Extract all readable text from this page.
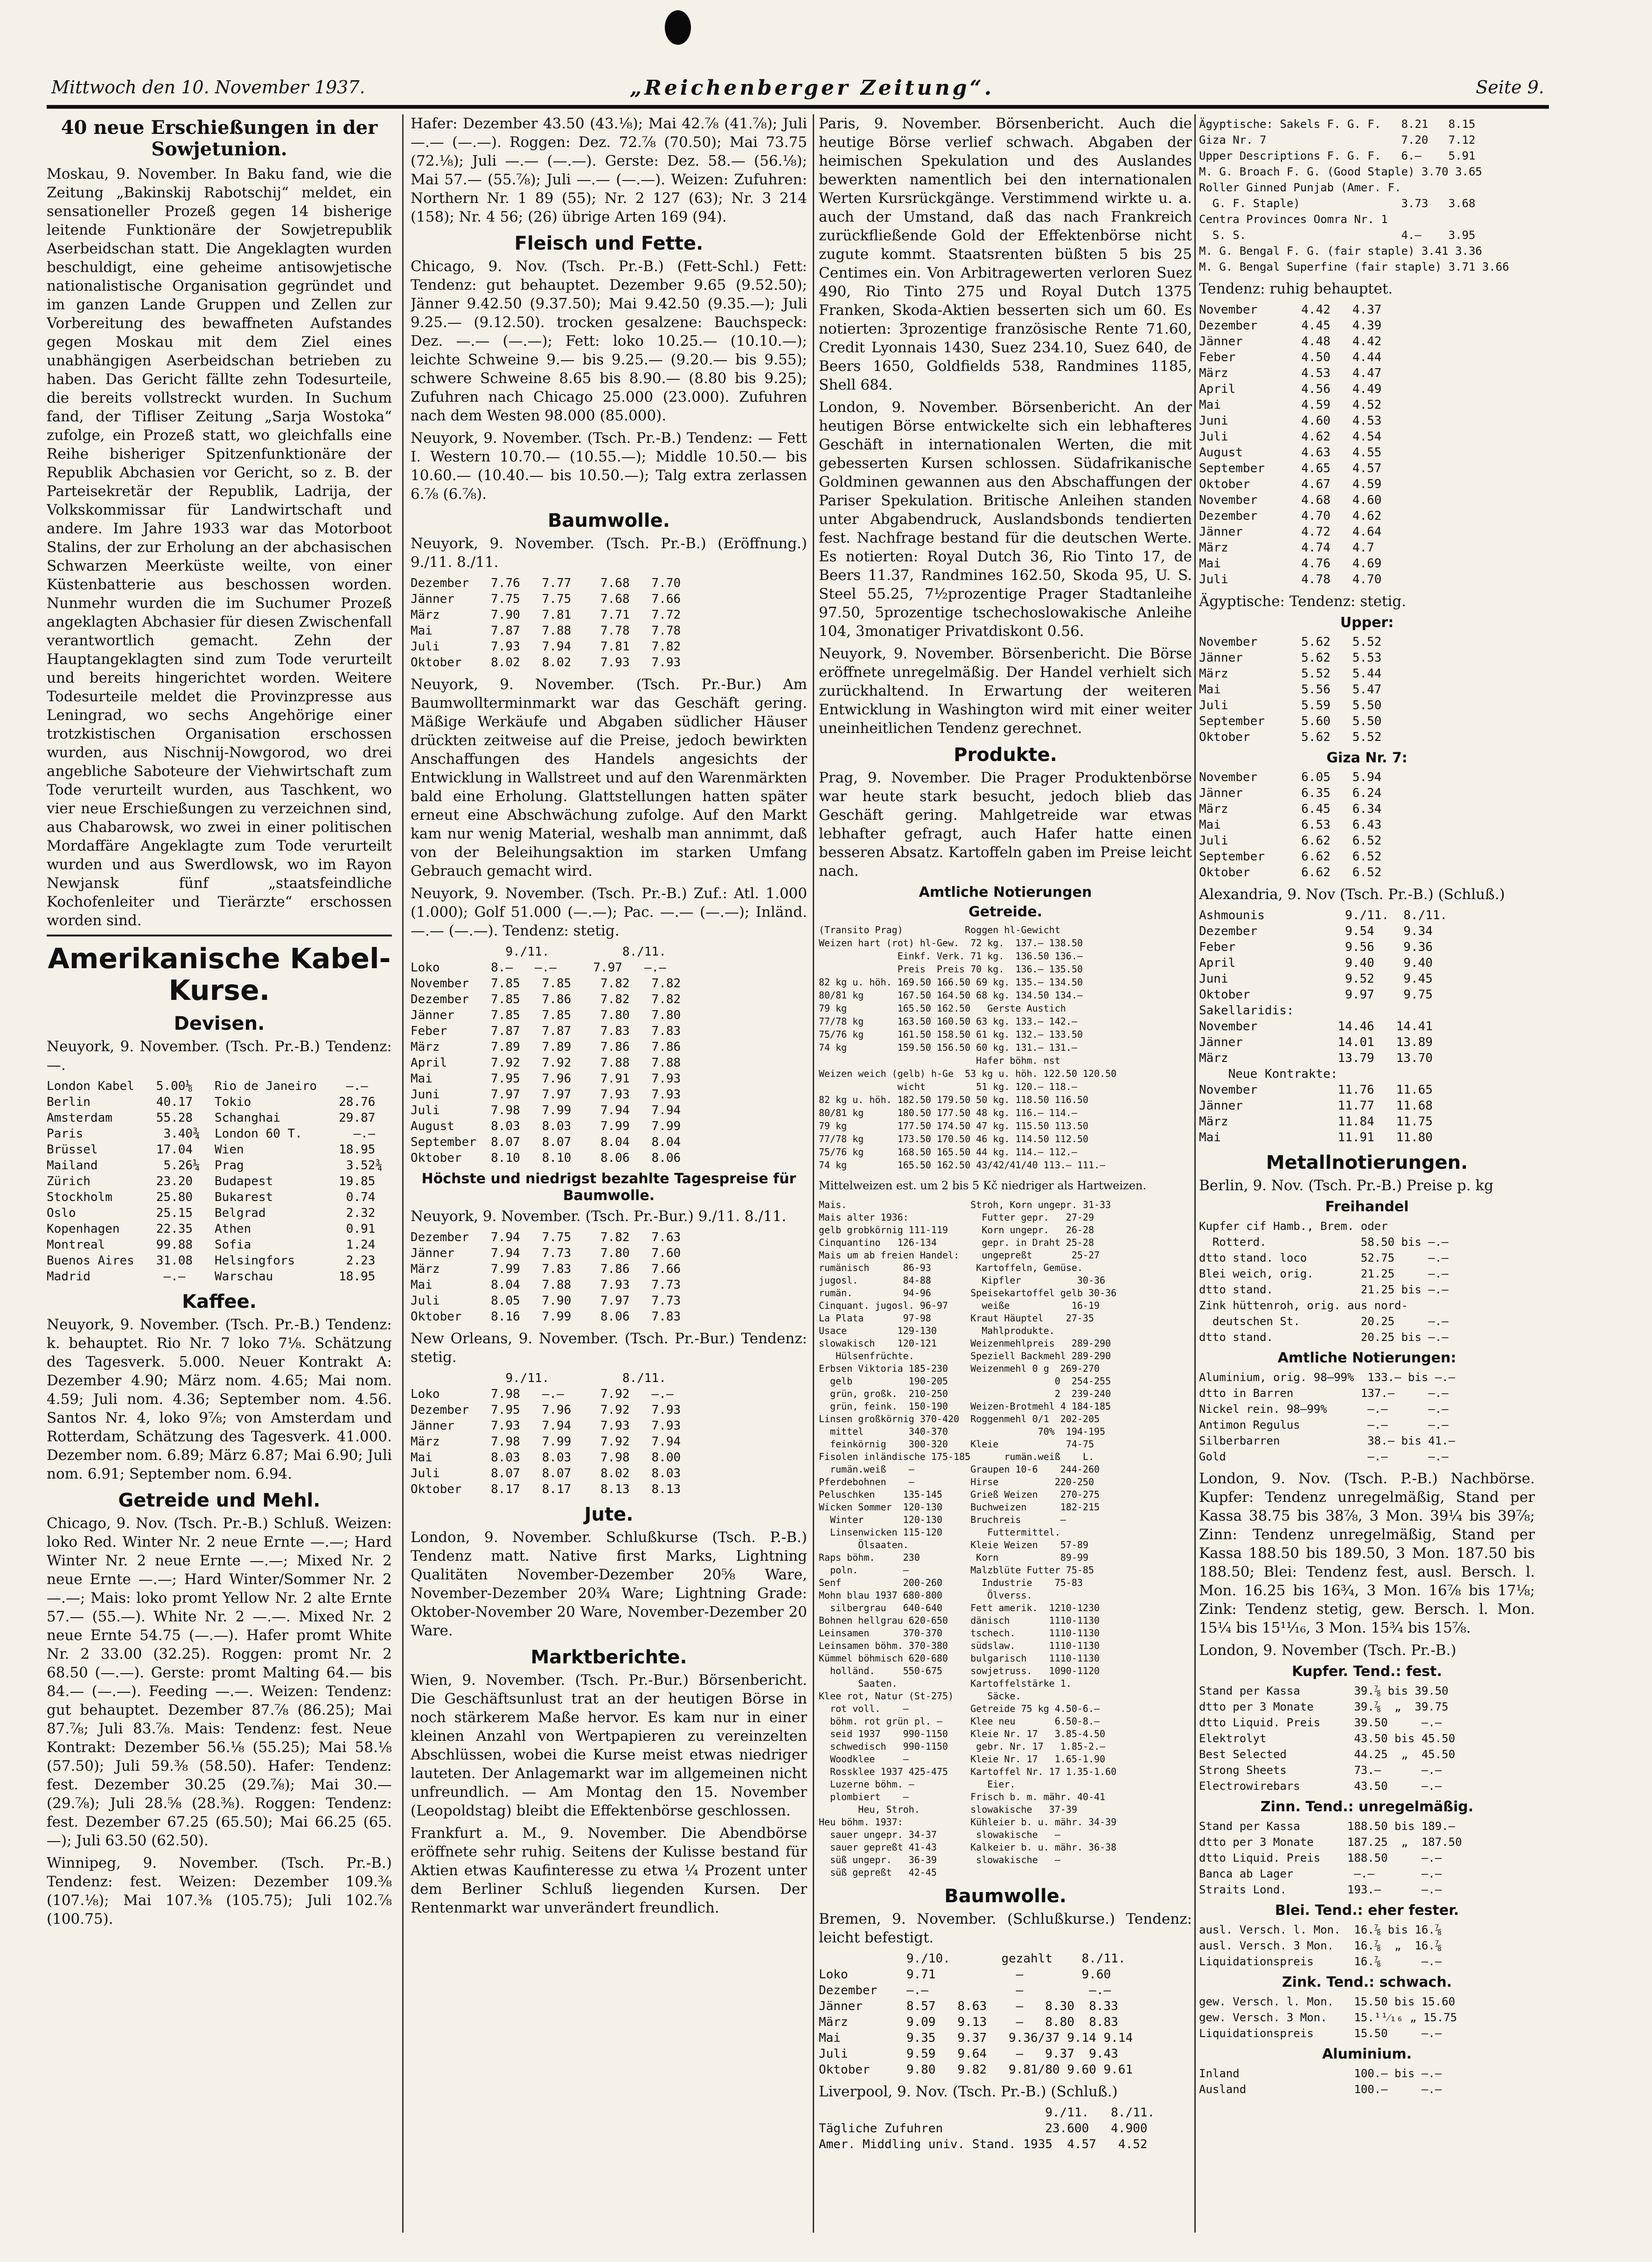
Mittwoch den 10. November 1937.	„Reichenberger Zeitung“.	Seite 9.
40 neue Erschießungen in der Sowjetunion.

Moskau, 9. November. In Baku fand, wie die Zeitung „Bakinskij Rabotschij“ meldet, ein sensationeller Prozeß gegen 14 bisherige leitende Funktionäre der Sowjetrepublik Aserbeidschan statt. Die Angeklagten wurden beschuldigt, eine geheime antisowjetische nationalistische Organisation gegründet und im ganzen Lande Gruppen und Zellen zur Vorbereitung des bewaffneten Aufstandes gegen Moskau mit dem Ziel eines unabhängigen Aserbeidschan betrieben zu haben. Das Gericht fällte zehn Todesurteile, die bereits vollstreckt wurden. In Suchum fand, der Tifliser Zeitung „Sarja Wostoka“ zufolge, ein Prozeß statt, wo gleichfalls eine Reihe bisheriger Spitzenfunktionäre der Republik Abchasien vor Gericht, so z. B. der Parteisekretär der Republik, Ladrija, der Volkskommissar für Landwirtschaft und andere. Im Jahre 1933 war das Motorboot Stalins, der zur Erholung an der abchasischen Schwarzen Meerküste weilte, von einer Küstenbatterie aus beschossen worden. Nunmehr wurden die im Suchumer Prozeß angeklagten Abchasier für diesen Zwischenfall verantwortlich gemacht. Zehn der Hauptangeklagten sind zum Tode verurteilt und bereits hingerichtet worden. Weitere Todesurteile meldet die Provinzpresse aus Leningrad, wo sechs Angehörige einer trotzkistischen Organisation erschossen wurden, aus Nischnij-Nowgorod, wo drei angebliche Saboteure der Viehwirtschaft zum Tode verurteilt wurden, aus Taschkent, wo vier neue Erschießungen zu verzeichnen sind, aus Chabarowsk, wo zwei in einer politischen Mordaffäre Angeklagte zum Tode verurteilt wurden und aus Swerdlowsk, wo im Rayon Newjansk fünf „staatsfeindliche Kochofenleiter und Tierärzte“ erschossen worden sind.

Amerikanische Kabel-Kurse.
Devisen.

Neuyork, 9. November. (Tsch. Pr.-B.) Tendenz: —.

London Kabel   5.00⅛   Rio de Janeiro    —.—
Berlin         40.17   Tokio            28.76
Amsterdam      55.28   Schanghai        29.87
Paris           3.40¾  London 60 T.       —.—
Brüssel        17.04   Wien             18.95
Mailand         5.26¼  Prag              3.52¾
Zürich         23.20   Budapest         19.85
Stockholm      25.80   Bukarest          0.74
Oslo           25.15   Belgrad           2.32
Kopenhagen     22.35   Athen             0.91
Montreal       99.88   Sofia             1.24
Buenos Aires   31.08   Helsingfors       2.23
Madrid          —.—    Warschau         18.95
Kaffee.

Neuyork, 9. November. (Tsch. Pr.-B.) Tendenz: k. behauptet. Rio Nr. 7 loko 7⅛. Schätzung des Tagesverk. 5.000. Neuer Kontrakt A: Dezember 4.90; März nom. 4.65; Mai nom. 4.59; Juli nom. 4.36; September nom. 4.56. Santos Nr. 4, loko 9⅞; von Amsterdam und Rotterdam, Schätzung des Tagesverk. 41.000. Dezember nom. 6.89; März 6.87; Mai 6.90; Juli nom. 6.91; September nom. 6.94.

Getreide und Mehl.

Chicago, 9. Nov. (Tsch. Pr.-B.) Schluß. Weizen: loko Red. Winter Nr. 2 neue Ernte —.—; Hard Winter Nr. 2 neue Ernte —.—; Mixed Nr. 2 neue Ernte —.—; Hard Winter/Sommer Nr. 2 —.—; Mais: loko promt Yellow Nr. 2 alte Ernte 57.— (55.—). White Nr. 2 —.—. Mixed Nr. 2 neue Ernte 54.75 (—.—). Hafer promt White Nr. 2 33.00 (32.25). Roggen: promt Nr. 2 68.50 (—.—). Gerste: promt Malting 64.— bis 84.— (—.—). Feeding —.—. Weizen: Tendenz: gut behauptet. Dezember 87.⅞ (86.25); Mai 87.⅞; Juli 83.⅞. Mais: Tendenz: fest. Neue Kontrakt: Dezember 56.⅛ (55.25); Mai 58.⅛ (57.50); Juli 59.⅜ (58.50). Hafer: Tendenz: fest. Dezember 30.25 (29.⅞); Mai 30.— (29.⅞); Juli 28.⅝ (28.⅜). Roggen: Tendenz: fest. Dezember 67.25 (65.50); Mai 66.25 (65.—); Juli 63.50 (62.50).

Winnipeg, 9. November. (Tsch. Pr.-B.) Tendenz: fest. Weizen: Dezember 109.⅜ (107.⅛); Mai 107.⅜ (105.75); Juli 102.⅞ (100.75).

Hafer: Dezember 43.50 (43.⅛); Mai 42.⅞ (41.⅞); Juli —.— (—.—). Roggen: Dez. 72.⅞ (70.50); Mai 73.75 (72.⅛); Juli —.— (—.—). Gerste: Dez. 58.— (56.⅛); Mai 57.— (55.⅞); Juli —.— (—.—). Weizen: Zufuhren: Northern Nr. 1 89 (55); Nr. 2 127 (63); Nr. 3 214 (158); Nr. 4 56; (26) übrige Arten 169 (94).

Fleisch und Fette.

Chicago, 9. Nov. (Tsch. Pr.-B.) (Fett-Schl.) Fett: Tendenz: gut behauptet. Dezember 9.65 (9.52.50); Jänner 9.42.50 (9.37.50); Mai 9.42.50 (9.35.—); Juli 9.25.— (9.12.50). trocken gesalzene: Bauchspeck: Dez. —.— (—.—); Fett: loko 10.25.— (10.10.—); leichte Schweine 9.— bis 9.25.— (9.20.— bis 9.55); schwere Schweine 8.65 bis 8.90.— (8.80 bis 9.25); Zufuhren nach Chicago 25.000 (23.000). Zufuhren nach dem Westen 98.000 (85.000).

Neuyork, 9. November. (Tsch. Pr.-B.) Tendenz: — Fett I. Western 10.70.— (10.55.—); Middle 10.50.— bis 10.60.— (10.40.— bis 10.50.—); Talg extra zerlassen 6.⅞ (6.⅞).

Baumwolle.

Neuyork, 9. November. (Tsch. Pr.-B.) (Eröffnung.) 9./11. 8./11.

Dezember   7.76   7.77    7.68   7.70
Jänner     7.75   7.75    7.68   7.66
März       7.90   7.81    7.71   7.72
Mai        7.87   7.88    7.78   7.78
Juli       7.93   7.94    7.81   7.82
Oktober    8.02   8.02    7.93   7.93

Neuyork, 9. November. (Tsch. Pr.-Bur.) Am Baumwollterminmarkt war das Geschäft gering. Mäßige Werkäufe und Abgaben südlicher Häuser drückten zeitweise auf die Preise, jedoch bewirkten Anschaffungen des Handels angesichts der Entwicklung in Wallstreet und auf den Warenmärkten bald eine Erholung. Glattstellungen hatten später erneut eine Abschwächung zufolge. Auf den Markt kam nur wenig Material, weshalb man annimmt, daß von der Beleihungsaktion im starken Umfang Gebrauch gemacht wird.

Neuyork, 9. November. (Tsch. Pr.-B.) Zuf.: Atl. 1.000 (1.000); Golf 51.000 (—.—); Pac. —.— (—.—); Inländ. —.— (—.—). Tendenz: stetig.

9./11.          8./11.
Loko       8.—   —.—     7.97   —.—
November   7.85   7.85    7.82   7.82
Dezember   7.85   7.86    7.82   7.82
Jänner     7.85   7.85    7.80   7.80
Feber      7.87   7.87    7.83   7.83
März       7.89   7.89    7.86   7.86
April      7.92   7.92    7.88   7.88
Mai        7.95   7.96    7.91   7.93
Juni       7.97   7.97    7.93   7.93
Juli       7.98   7.99    7.94   7.94
August     8.03   8.03    7.99   7.99
September  8.07   8.07    8.04   8.04
Oktober    8.10   8.10    8.06   8.06
Höchste und niedrigst bezahlte Tagespreise für Baumwolle.

Neuyork, 9. November. (Tsch. Pr.-Bur.) 9./11. 8./11.

Dezember   7.94   7.75    7.82   7.63
Jänner     7.94   7.73    7.80   7.60
März       7.99   7.83    7.86   7.66
Mai        8.04   7.88    7.93   7.73
Juli       8.05   7.90    7.97   7.73
Oktober    8.16   7.99    8.06   7.83

New Orleans, 9. November. (Tsch. Pr.-Bur.) Tendenz: stetig.

9./11.          8./11.
Loko       7.98   —.—     7.92   —.—
Dezember   7.95   7.96    7.92   7.93
Jänner     7.93   7.94    7.93   7.93
März       7.98   7.99    7.92   7.94
Mai        8.03   8.03    7.98   8.00
Juli       8.07   8.07    8.02   8.03
Oktober    8.17   8.17    8.13   8.13
Jute.

London, 9. November. Schlußkurse (Tsch. P.-B.) Tendenz matt. Native first Marks, Lightning Qualitäten November-Dezember 20⅝ Ware, November-Dezember 20¾ Ware; Lightning Grade: Oktober-November 20 Ware, November-Dezember 20 Ware.

Marktberichte.

Wien, 9. November. (Tsch. Pr.-Bur.) Börsenbericht. Die Geschäftsunlust trat an der heutigen Börse in noch stärkerem Maße hervor. Es kam nur in einer kleinen Anzahl von Wertpapieren zu vereinzelten Abschlüssen, wobei die Kurse meist etwas niedriger lauteten. Der Anlagemarkt war im allgemeinen nicht unfreundlich. — Am Montag den 15. November (Leopoldstag) bleibt die Effektenbörse geschlossen.

Frankfurt a. M., 9. November. Die Abendbörse eröffnete sehr ruhig. Seitens der Kulisse bestand für Aktien etwas Kaufinteresse zu etwa ¼ Prozent unter dem Berliner Schluß liegenden Kursen. Der Rentenmarkt war unverändert freundlich.

Paris, 9. November. Börsenbericht. Auch die heutige Börse verlief schwach. Abgaben der heimischen Spekulation und des Auslandes bewerkten namentlich bei den internationalen Werten Kursrückgänge. Verstimmend wirkte u. a. auch der Umstand, daß das nach Frankreich zurückfließende Gold der Effektenbörse nicht zugute kommt. Staatsrenten büßten 5 bis 25 Centimes ein. Von Arbitragewerten verloren Suez 490, Rio Tinto 275 und Royal Dutch 1375 Franken, Skoda-Aktien besserten sich um 60. Es notierten: 3prozentige französische Rente 71.60, Credit Lyonnais 1430, Suez 234.10, Suez 640, de Beers 1650, Goldfields 538, Randmines 1185, Shell 684.

London, 9. November. Börsenbericht. An der heutigen Börse entwickelte sich ein lebhafteres Geschäft in internationalen Werten, die mit gebesserten Kursen schlossen. Südafrikanische Goldminen gewannen aus den Abschaffungen der Pariser Spekulation. Britische Anleihen standen unter Abgabendruck, Auslandsbonds tendierten fest. Nachfrage bestand für die deutschen Werte. Es notierten: Royal Dutch 36, Rio Tinto 17, de Beers 11.37, Randmines 162.50, Skoda 95, U. S. Steel 55.25, 7½prozentige Prager Stadtanleihe 97.50, 5prozentige tschechoslowakische Anleihe 104, 3monatiger Privatdiskont 0.56.

Neuyork, 9. November. Börsenbericht. Die Börse eröffnete unregelmäßig. Der Handel verhielt sich zurückhaltend. In Erwartung der weiteren Entwicklung in Washington wird mit einer weiter uneinheitlichen Tendenz gerechnet.

Produkte.

Prag, 9. November. Die Prager Produktenbörse war heute stark besucht, jedoch blieb das Geschäft gering. Mahlgetreide war etwas lebhafter gefragt, auch Hafer hatte einen besseren Absatz. Kartoffeln gaben im Preise leicht nach.

Amtliche Notierungen
Getreide.
(Transito Prag)           Roggen hl-Gewicht
Weizen hart (rot) hl-Gew.  72 kg.  137.— 138.50
Einkf. Verk. 71 kg.  136.50 136.—
Preis  Preis 70 kg.  136.— 135.50
82 kg u. höh. 169.50 166.50 69 kg. 135.— 134.50
80/81 kg      167.50 164.50 68 kg. 134.50 134.—
79 kg         165.50 162.50   Gerste Austich
77/78 kg      163.50 160.50 63 kg. 133.— 142.—
75/76 kg      161.50 158.50 61 kg. 132.— 133.50
74 kg         159.50 156.50 60 kg. 131.— 131.—
Hafer böhm. nst
Weizen weich (gelb) h-Ge  53 kg u. höh. 122.50 120.50
wicht         51 kg. 120.— 118.—
82 kg u. höh. 182.50 179.50 50 kg. 118.50 116.50
80/81 kg      180.50 177.50 48 kg. 116.— 114.—
79 kg         177.50 174.50 47 kg. 115.50 113.50
77/78 kg      173.50 170.50 46 kg. 114.50 112.50
75/76 kg      168.50 165.50 44 kg. 114.— 112.—
74 kg         165.50 162.50 43/42/41/40 113.— 111.—

Mittelweizen est. um 2 bis 5 Kč niedriger als Hartweizen.

Mais.                      Stroh, Korn ungepr. 31-33
Mais alter 1936:             Futter gepr.   27-29
gelb grobkörnig 111-119      Korn ungepr.   26-28
Cinquantino   126-134        gepr. in Draht 25-28
Mais um ab freien Handel:    ungepreßt       25-27
rumänisch      86-93        Kartoffeln, Gemüse.
jugosl.        84-88         Kipfler          30-36
rumän.         94-96       Speisekartoffel gelb 30-36
Cinquant. jugosl. 96-97      weiße           16-19
La Plata       97-98       Kraut Häuptel    27-35
Usace         129-130        Mahlprodukte.
slowakisch    120-121      Weizenmehlpreis   289-290
Hülsenfrüchte.          Speziell Backmehl 289-290
Erbsen Viktoria 185-230    Weizenmehl 0 g  269-270
gelb          190-205                   0  254-255
grün, großk.  210-250                   2  239-240
grün, feink.  150-190    Weizen-Brotmehl 4 184-185
Linsen großkörnig 370-420  Roggenmehl 0/1  202-205
mittel        340-370                70%  194-195
feinkörnig    300-320    Kleie            74-75
Fisolen inländische 175-185      rumän.weiß    L.
rumän.weiß    —          Graupen 10-6    244-260
Pferdebohnen    —          Hirse          220-250
Peluschken     135-145     Grieß Weizen    270-275
Wicken Sommer  120-130     Buchweizen      182-215
Winter       120-130     Bruchreis       —
Linsenwicken 115-120        Futtermittel.
Ölsaaten.           Kleie Weizen    57-89
Raps böhm.     230          Korn           89-99
poln.        —           Malzblüte Futter 75-85
Senf           200-260       Industrie    75-83
Mohn blau 1937 680-800        Ölverss.
silbergrau   640-640     Fett amerik.  1210-1230
Bohnen hellgrau 620-650    dänisch       1110-1130
Leinsamen      370-370     tschech.      1110-1130
Leinsamen böhm. 370-380    südslaw.      1110-1130
Kümmel böhmisch 620-680    bulgarisch    1110-1130
holländ.     550-675     sowjetruss.   1090-1120
Saaten.             Kartoffelstärke 1.
Klee rot, Natur (St-275)      Säcke.
rot voll.    —           Getreide 75 kg 4.50-6.—
böhm. rot grün pl. —     Klee neu       6.50-8.—
seid 1937    990-1150    Kleie Nr. 17   3.85-4.50
schwedisch   990-1150     gebr. Nr. 17   1.85-2.—
Woodklee     —           Kleie Nr. 17   1.65-1.90
Rossklee 1937 425-475    Kartoffel Nr. 17 1.35-1.60
Luzerne böhm. —             Eier.
plombiert    —           Frisch b. m. mähr. 40-41
Heu, Stroh.         slowakische   37-39
Heu böhm. 1937:            Kühleier b. u. mähr. 34-39
sauer ungepr. 34-37       slowakische   —
sauer gepreßt 41-43      Kalkeier b. u. mähr. 36-38
süß ungepr.   36-39       slowakische   —
süß gepreßt   42-45
Baumwolle.

Bremen, 9. November. (Schlußkurse.) Tendenz: leicht befestigt.

9./10.       gezahlt    8./11.
Loko        9.71           —        9.60
Dezember    —.—            —         —.—
Jänner      8.57   8.63    —   8.30  8.33
März        9.09   9.13    —   8.80  8.83
Mai         9.35   9.37   9.36/37 9.14 9.14
Juli        9.59   9.64    —   9.37  9.43
Oktober     9.80   9.82   9.81/80 9.60 9.61

Liverpool, 9. Nov. (Tsch. Pr.-B.) (Schluß.)

9./11.   8./11.
Tägliche Zufuhren              23.600   4.900
Amer. Middling univ. Stand. 1935  4.57   4.52
Ägyptische: Sakels F. G. F.   8.21   8.15
Giza Nr. 7                    7.20   7.12
Upper Descriptions F. G. F.   6.—    5.91
M. G. Broach F. G. (Good Staple) 3.70 3.65
Roller Ginned Punjab (Amer. F.
G. F. Staple)               3.73   3.68
Centra Provinces Oomra Nr. 1
S. S.                       4.—    3.95
M. G. Bengal F. G. (fair staple) 3.41 3.36
M. G. Bengal Superfine (fair staple) 3.71 3.66

Tendenz: ruhig behauptet.

November      4.42   4.37
Dezember      4.45   4.39
Jänner        4.48   4.42
Feber         4.50   4.44
März          4.53   4.47
April         4.56   4.49
Mai           4.59   4.52
Juni          4.60   4.53
Juli          4.62   4.54
August        4.63   4.55
September     4.65   4.57
Oktober       4.67   4.59
November      4.68   4.60
Dezember      4.70   4.62
Jänner        4.72   4.64
März          4.74   4.7
Mai           4.76   4.69
Juli          4.78   4.70

Ägyptische: Tendenz: stetig.

Upper:
November      5.62   5.52
Jänner        5.62   5.53
März          5.52   5.44
Mai           5.56   5.47
Juli          5.59   5.50
September     5.60   5.50
Oktober       5.62   5.52
Giza Nr. 7:
November      6.05   5.94
Jänner        6.35   6.24
März          6.45   6.34
Mai           6.53   6.43
Juli          6.62   6.52
September     6.62   6.52
Oktober       6.62   6.52

Alexandria, 9. Nov (Tsch. Pr.-B.) (Schluß.)

Ashmounis           9./11.  8./11.
Dezember            9.54    9.34
Feber               9.56    9.36
April               9.40    9.40
Juni                9.52    9.45
Oktober             9.97    9.75
Sakellaridis:
November           14.46   14.41
Jänner             14.01   13.89
März               13.79   13.70
Neue Kontrakte:
November           11.76   11.65
Jänner             11.77   11.68
März               11.84   11.75
Mai                11.91   11.80
Metallnotierungen.

Berlin, 9. Nov. (Tsch. Pr.-B.) Preise p. kg

Freihandel
Kupfer cif Hamb., Brem. oder
Rotterd.              58.50 bis —.—
dtto stand. loco        52.75     —.—
Blei weich, orig.       21.25     —.—
dtto stand.             21.25 bis —.—
Zink hüttenroh, orig. aus nord-
deutschen St.         20.25     —.—
dtto stand.             20.25 bis —.—
Amtliche Notierungen:
Aluminium, orig. 98—99%  133.— bis —.—
dtto in Barren          137.—     —.—
Nickel rein. 98—99%      —.—      —.—
Antimon Regulus          —.—      —.—
Silberbarren             38.— bis 41.—
Gold                     —.—      —.—

London, 9. Nov. (Tsch. P.-B.) Nachbörse. Kupfer: Tendenz unregelmäßig, Stand per Kassa 38.75 bis 38⅞, 3 Mon. 39¼ bis 39⅞; Zinn: Tendenz unregelmäßig, Stand per Kassa 188.50 bis 189.50, 3 Mon. 187.50 bis 188.50; Blei: Tendenz fest, ausl. Bersch. l. Mon. 16.25 bis 16¾, 3 Mon. 16⅞ bis 17⅛; Zink: Tendenz stetig, gew. Bersch. l. Mon. 15¼ bis 15¹¹⁄₁₆, 3 Mon. 15¾ bis 15⅞.

London, 9. November (Tsch. Pr.-B.)

Kupfer. Tend.: fest.
Stand per Kassa        39.⅞ bis 39.50
dtto per 3 Monate      39.⅞  „  39.75
dtto Liquid. Preis     39.50     —.—
Elektrolyt             43.50 bis 45.50
Best Selected          44.25  „  45.50
Strong Sheets          73.—      —.—
Electrowirebars        43.50     —.—
Zinn. Tend.: unregelmäßig.
Stand per Kassa       188.50 bis 189.—
dtto per 3 Monate     187.25  „  187.50
dtto Liquid. Preis    188.50     —.—
Banca ab Lager         —.—       —.—
Straits Lond.         193.—      —.—
Blei. Tend.: eher fester.
ausl. Versch. l. Mon.  16.⅞ bis 16.⅞
ausl. Versch. 3 Mon.   16.⅞  „  16.⅞
Liquidationspreis      16.⅞      —.—
Zink. Tend.: schwach.
gew. Versch. l. Mon.   15.50 bis 15.60
gew. Versch. 3 Mon.    15.¹¹⁄₁₆ „ 15.75
Liquidationspreis      15.50     —.—
Aluminium.
Inland                 100.— bis —.—
Ausland                100.—     —.—
